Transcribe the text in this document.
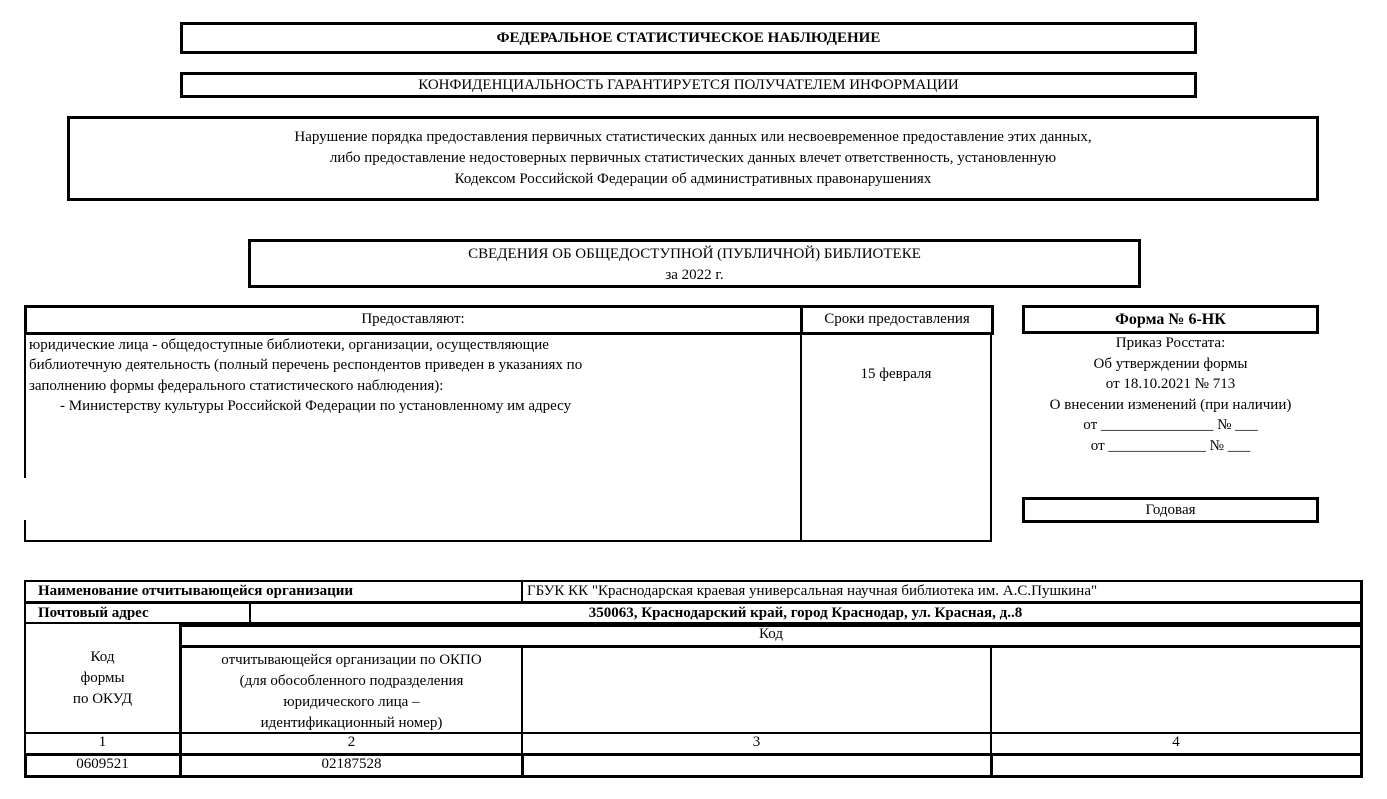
ФЕДЕРАЛЬНОЕ СТАТИСТИЧЕСКОЕ НАБЛЮДЕНИЕ
КОНФИДЕНЦИАЛЬНОСТЬ ГАРАНТИРУЕТСЯ ПОЛУЧАТЕЛЕМ ИНФОРМАЦИИ
Нарушение порядка предоставления первичных статистических данных или несвоевременное предоставление этих данных,
либо предоставление недостоверных первичных статистических данных влечет ответственность, установленную
Кодексом Российской Федерации об административных правонарушениях
СВЕДЕНИЯ ОБ ОБЩЕДОСТУПНОЙ (ПУБЛИЧНОЙ) БИБЛИОТЕКЕ
за 2022 г.
Предоставляют:	Сроки предоставления
юридические лица - общедоступные библиотеки, организации, осуществляющие
библиотечную деятельность (полный перечень респондентов приведен в указаниях по
заполнению формы федерального статистического наблюдения):
- Министерству культуры Российской Федерации по установленному им адресу
15 февраля
Форма № 6-НК
Приказ Росстата:
Об утверждении формы
от 18.10.2021 № 713
О внесении изменений (при наличии)
от _______________ № ___
от _____________ № ___
Годовая
Наименование отчитывающейся организации	ГБУК КК "Краснодарская краевая универсальная научная библиотека им. А.С.Пушкина"
Почтовый адрес	350063, Краснодарский край, город Краснодар, ул. Красная, д..8
Код
Код
формы
по ОКУД
отчитывающейся организации по ОКПО
(для обособленного подразделения
юридического лица –
идентификационный номер)
1	2	3	4
0609521	02187528
